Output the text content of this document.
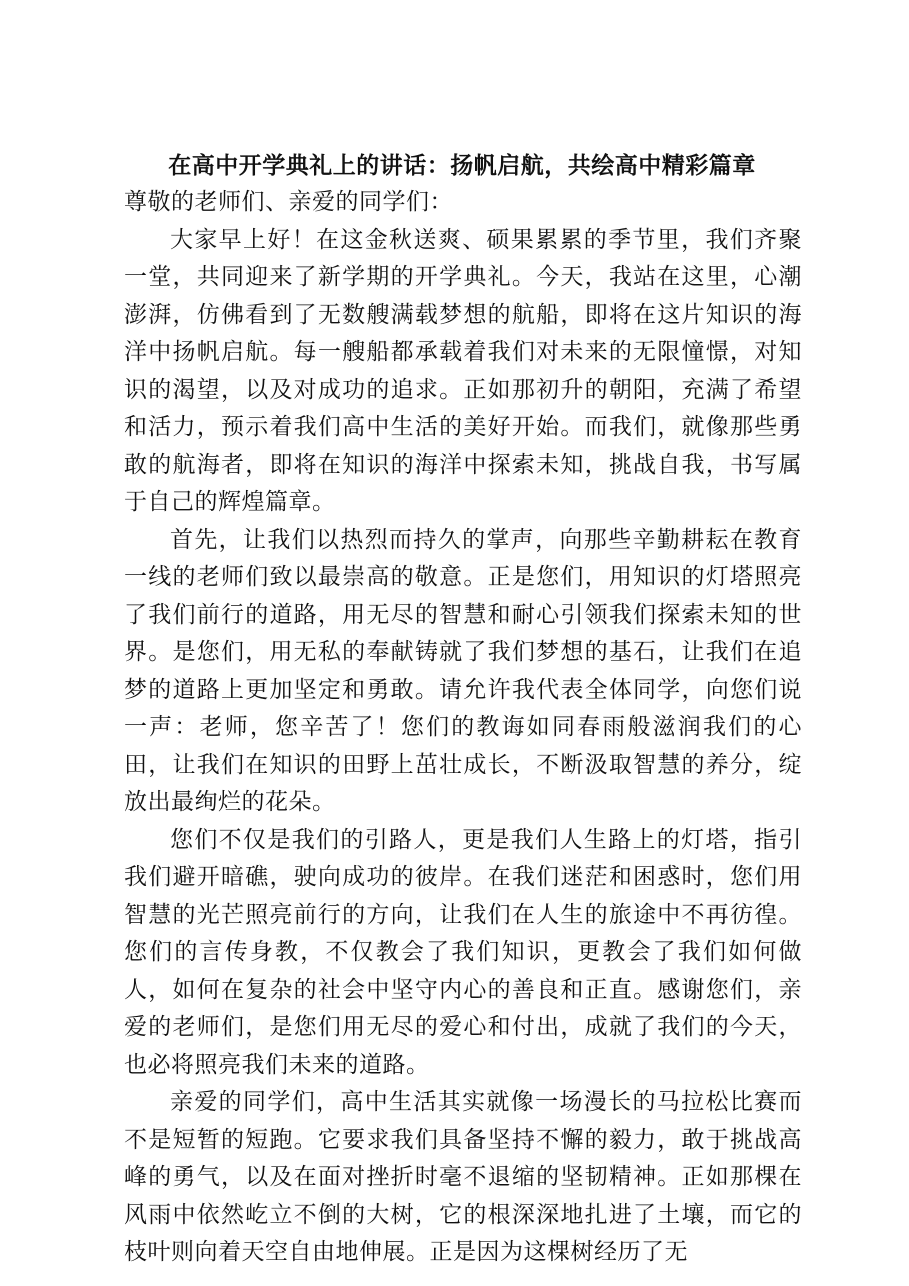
在高中开学典礼上的讲话：扬帆启航，共绘高中精彩篇章

尊敬的老师们、亲爱的同学们：

大家早上好！在这金秋送爽、硕果累累的季节里，我们齐聚一堂，共同迎来了新学期的开学典礼。今天，我站在这里，心潮澎湃，仿佛看到了无数艘满载梦想的航船，即将在这片知识的海洋中扬帆启航。每一艘船都承载着我们对未来的无限憧憬，对知识的渴望，以及对成功的追求。正如那初升的朝阳，充满了希望和活力，预示着我们高中生活的美好开始。而我们，就像那些勇敢的航海者，即将在知识的海洋中探索未知，挑战自我，书写属于自己的辉煌篇章。

首先，让我们以热烈而持久的掌声，向那些辛勤耕耘在教育一线的老师们致以最崇高的敬意。正是您们，用知识的灯塔照亮了我们前行的道路，用无尽的智慧和耐心引领我们探索未知的世界。是您们，用无私的奉献铸就了我们梦想的基石，让我们在追梦的道路上更加坚定和勇敢。请允许我代表全体同学，向您们说一声：老师，您辛苦了！您们的教诲如同春雨般滋润我们的心田，让我们在知识的田野上茁壮成长，不断汲取智慧的养分，绽放出最绚烂的花朵。

您们不仅是我们的引路人，更是我们人生路上的灯塔，指引我们避开暗礁，驶向成功的彼岸。在我们迷茫和困惑时，您们用智慧的光芒照亮前行的方向，让我们在人生的旅途中不再彷徨。您们的言传身教，不仅教会了我们知识，更教会了我们如何做人，如何在复杂的社会中坚守内心的善良和正直。感谢您们，亲爱的老师们，是您们用无尽的爱心和付出，成就了我们的今天，也必将照亮我们未来的道路。

亲爱的同学们，高中生活其实就像一场漫长的马拉松比赛而不是短暂的短跑。它要求我们具备坚持不懈的毅力，敢于挑战高峰的勇气，以及在面对挫折时毫不退缩的坚韧精神。正如那棵在风雨中依然屹立不倒的大树，它的根深深地扎进了土壤，而它的枝叶则向着天空自由地伸展。正是因为这棵树经历了无
